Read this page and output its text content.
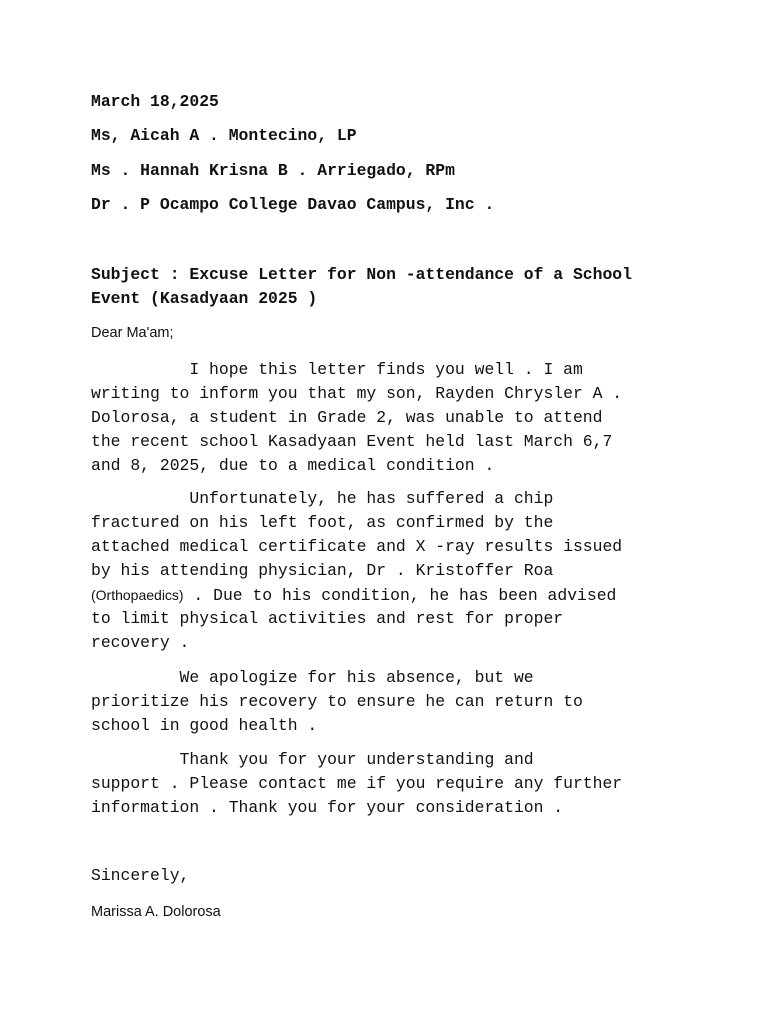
March 18,2025
Ms, Aicah A . Montecino, LP
Ms . Hannah Krisna B . Arriegado, RPm
Dr . P Ocampo College Davao Campus, Inc .
Subject : Excuse Letter for Non -attendance of a School
Event (Kasadyaan 2025 )
Dear Ma'am;
I hope this letter finds you well . I am
writing to inform you that my son, Rayden Chrysler A .
Dolorosa, a student in Grade 2, was unable to attend
the recent school Kasadyaan Event held last March 6,7
and 8, 2025, due to a medical condition .
Unfortunately, he has suffered a chip
fractured on his left foot, as confirmed by the
attached medical certificate and X -ray results issued
by his attending physician, Dr . Kristoffer Roa
(Orthopaedics) . Due to his condition, he has been advised
to limit physical activities and rest for proper
recovery .
We apologize for his absence, but we
prioritize his recovery to ensure he can return to
school in good health .
Thank you for your understanding and
support . Please contact me if you require any further
information . Thank you for your consideration .
Sincerely,
Marissa A. Dolorosa
